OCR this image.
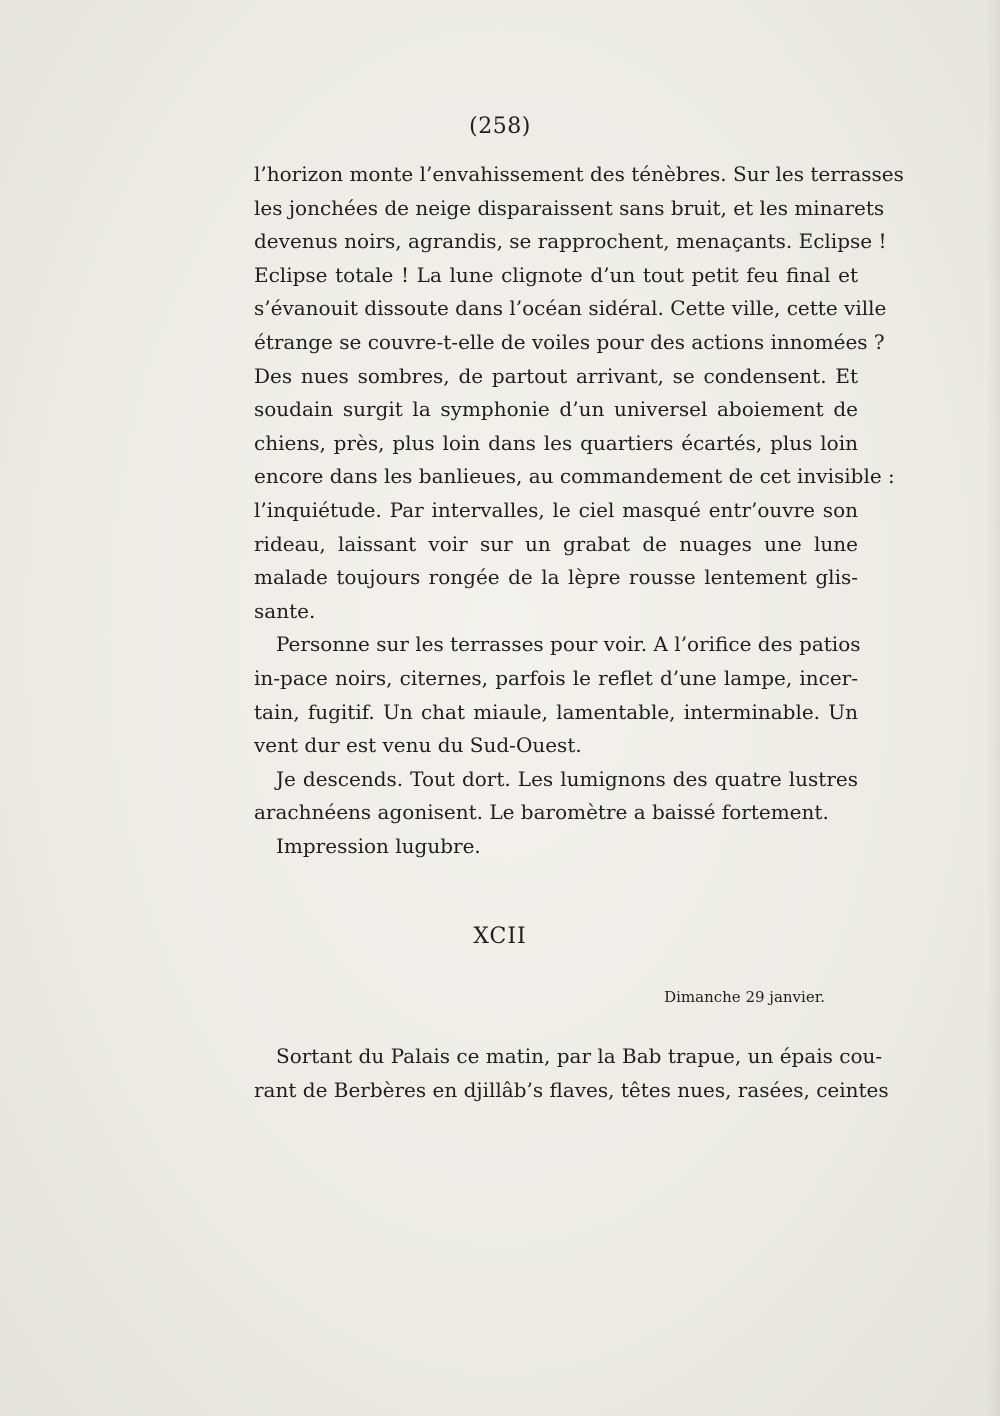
(258)
l’horizon monte l’envahissement des ténèbres. Sur les terrasses
les jonchées de neige disparaissent sans bruit, et les minarets
devenus noirs, agrandis, se rapprochent, menaçants. Eclipse !
Eclipse totale ! La lune clignote d’un tout petit feu final et
s’évanouit dissoute dans l’océan sidéral. Cette ville, cette ville
étrange se couvre-t-elle de voiles pour des actions innomées ?
Des nues sombres, de partout arrivant, se condensent. Et
soudain surgit la symphonie d’un universel aboiement de
chiens, près, plus loin dans les quartiers écartés, plus loin
encore dans les banlieues, au commandement de cet invisible :
l’inquiétude. Par intervalles, le ciel masqué entr’ouvre son
rideau, laissant voir sur un grabat de nuages une lune
malade toujours rongée de la lèpre rousse lentement glis-
sante.
Personne sur les terrasses pour voir. A l’orifice des patios
in-pace noirs, citernes, parfois le reflet d’une lampe, incer-
tain, fugitif. Un chat miaule, lamentable, interminable. Un
vent dur est venu du Sud-Ouest.
Je descends. Tout dort. Les lumignons des quatre lustres
arachnéens agonisent. Le baromètre a baissé fortement.
Impression lugubre.
XCII
Dimanche 29 janvier.
Sortant du Palais ce matin, par la Bab trapue, un épais cou-
rant de Berbères en djillâb’s flaves, têtes nues, rasées, ceintes
